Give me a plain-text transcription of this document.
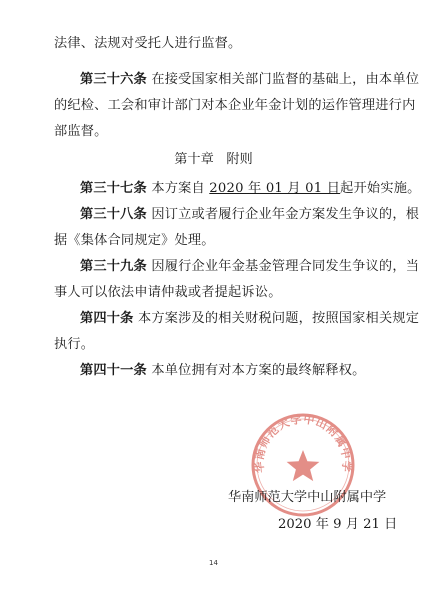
法律、法规对受托人进行监督。
第三十六条 在接受国家相关部门监督的基础上，由本单位
的纪检、工会和审计部门对本企业年金计划的运作管理进行内
部监督。
第十章 附则
第三十七条 本方案自 2020 年 01 月 01 日起开始实施。
第三十八条 因订立或者履行企业年金方案发生争议的，根
据《集体合同规定》处理。
第三十九条 因履行企业年金基金管理合同发生争议的，当
事人可以依法申请仲裁或者提起诉讼。
第四十条 本方案涉及的相关财税问题，按照国家相关规定
执行。
第四十一条 本单位拥有对本方案的最终解释权。
华南师范大学中山附属中学
华南师范大学中山附属中学
2020 年 9 月 21 日
14
